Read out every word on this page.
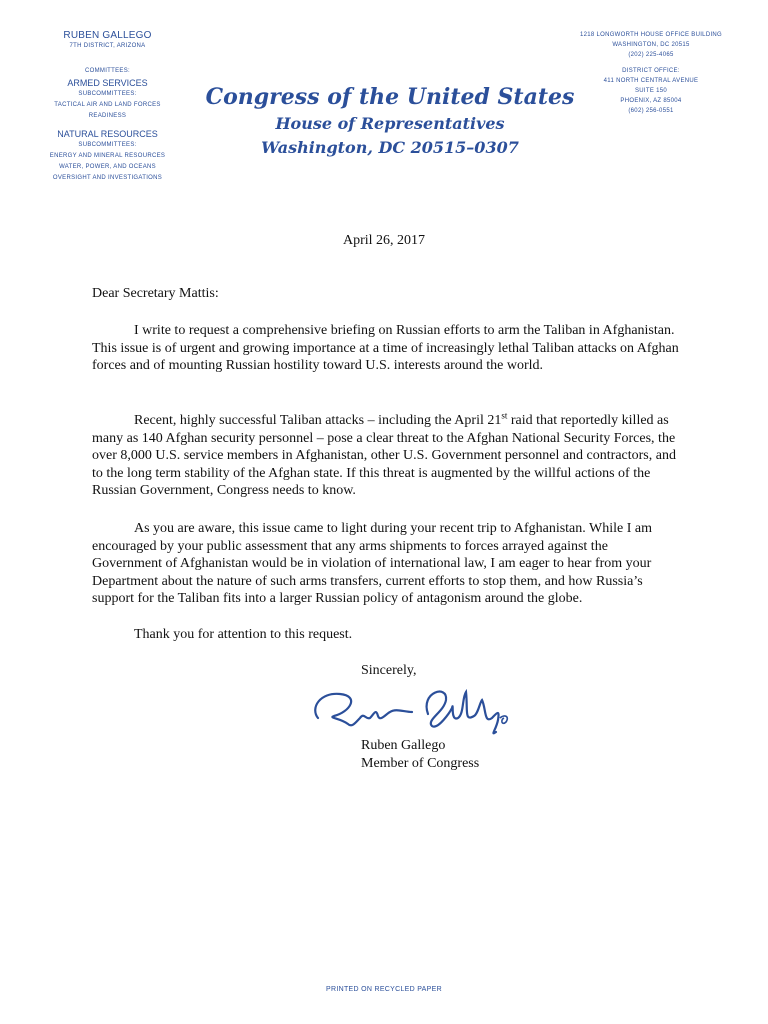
RUBEN GALLEGO
7TH DISTRICT, ARIZONA
COMMITTEES:
ARMED SERVICES
SUBCOMMITTEES:
TACTICAL AIR AND LAND FORCES
READINESS
NATURAL RESOURCES
SUBCOMMITTEES:
ENERGY AND MINERAL RESOURCES
WATER, POWER, AND OCEANS
OVERSIGHT AND INVESTIGATIONS
1218 LONGWORTH HOUSE OFFICE BUILDING
WASHINGTON, DC 20515
(202) 225-4065
DISTRICT OFFICE:
411 NORTH CENTRAL AVENUE
SUITE 150
PHOENIX, AZ 85004
(602) 256-0551
Congress of the United States
House of Representatives
Washington, DC 20515–0307
April 26, 2017
Dear Secretary Mattis:

I write to request a comprehensive briefing on Russian efforts to arm the Taliban in Afghanistan. This issue is of urgent and growing importance at a time of increasingly lethal Taliban attacks on Afghan forces and of mounting Russian hostility toward U.S. interests around the world.

Recent, highly successful Taliban attacks – including the April 21st raid that reportedly killed as many as 140 Afghan security personnel – pose a clear threat to the Afghan National Security Forces, the over 8,000 U.S. service members in Afghanistan, other U.S. Government personnel and contractors, and to the long term stability of the Afghan state. If this threat is augmented by the willful actions of the Russian Government, Congress needs to know.

As you are aware, this issue came to light during your recent trip to Afghanistan. While I am encouraged by your public assessment that any arms shipments to forces arrayed against the Government of Afghanistan would be in violation of international law, I am eager to hear from your Department about the nature of such arms transfers, current efforts to stop them, and how Russia’s support for the Taliban fits into a larger Russian policy of antagonism around the globe.

Thank you for attention to this request.

Sincerely,
Ruben Gallego
Member of Congress
PRINTED ON RECYCLED PAPER
